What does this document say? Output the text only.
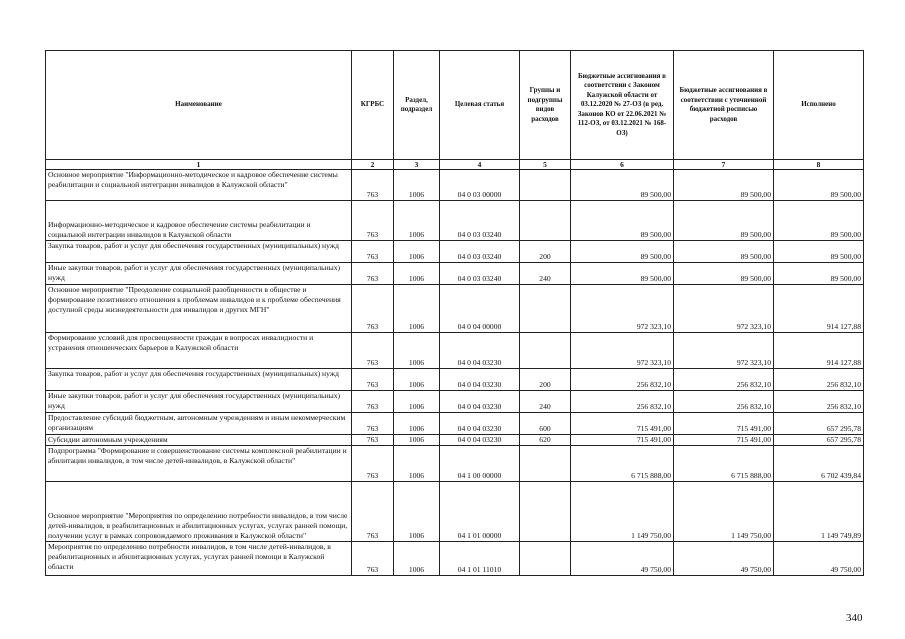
Наименование	КГРБС	Раздел, подраздел	Целевая статья	Группы и подгруппы видов расходов	Бюджетные ассигнования в соответствии с Законом Калужской области от 03.12.2020 № 27-ОЗ (в ред. Законов КО от 22.06.2021 № 112-ОЗ, от 03.12.2021 № 168-ОЗ)	Бюджетные ассигнования в соответствии с уточненной бюджетной росписью расходов	Исполнено
1	2	3	4	5	6	7	8
Основное мероприятие "Информационно-методическое и кадровое обеспечение системы реабилитации и социальной интеграции инвалидов в Калужской области"	763	1006	04 0 03 00000		89 500,00	89 500,00	89 500,00
Информационно-методическое и кадровое обеспечение системы реабилитации и социальной интеграции инвалидов в Калужской области	763	1006	04 0 03 03240		89 500,00	89 500,00	89 500,00
Закупка товаров, работ и услуг для обеспечения государственных (муниципальных) нужд	763	1006	04 0 03 03240	200	89 500,00	89 500,00	89 500,00
Иные закупки товаров, работ и услуг для обеспечения государственных (муниципальных) нужд	763	1006	04 0 03 03240	240	89 500,00	89 500,00	89 500,00
Основное мероприятие "Преодоление социальной разобщенности в обществе и формирование позитивного отношения к проблемам инвалидов и к проблеме обеспечения доступной среды жизнедеятельности для инвалидов и других МГН"	763	1006	04 0 04 00000		972 323,10	972 323,10	914 127,88
Формирование условий для просвещенности граждан в вопросах инвалидности и устранения отношенческих барьеров в Калужской области	763	1006	04 0 04 03230		972 323,10	972 323,10	914 127,88
Закупка товаров, работ и услуг для обеспечения государственных (муниципальных) нужд	763	1006	04 0 04 03230	200	256 832,10	256 832,10	256 832,10
Иные закупки товаров, работ и услуг для обеспечения государственных (муниципальных) нужд	763	1006	04 0 04 03230	240	256 832,10	256 832,10	256 832,10
Предоставление субсидий бюджетным, автономным учреждениям и иным некоммерческим организациям	763	1006	04 0 04 03230	600	715 491,00	715 491,00	657 295,78
Субсидии автономным учреждениям	763	1006	04 0 04 03230	620	715 491,00	715 491,00	657 295,78
Подпрограмма "Формирование и совершенствование системы комплексной реабилитации и абилитации инвалидов, в том числе детей-инвалидов, в Калужской области"	763	1006	04 1 00 00000		6 715 888,00	6 715 888,00	6 702 439,84
Основное мероприятие "Мероприятия по определению потребности инвалидов, в том числе детей-инвалидов, в реабилитационных и абилитационных услугах, услугах ранней помощи, получении услуг в рамках сопровождаемого проживания в Калужской области"	763	1006	04 1 01 00000		1 149 750,00	1 149 750,00	1 149 749,89
Мероприятия по определению потребности инвалидов, в том числе детей-инвалидов, в реабилитационных и абилитационных услугах, услугах ранней помощи в Калужской области	763	1006	04 1 01 11010		49 750,00	49 750,00	49 750,00
340
